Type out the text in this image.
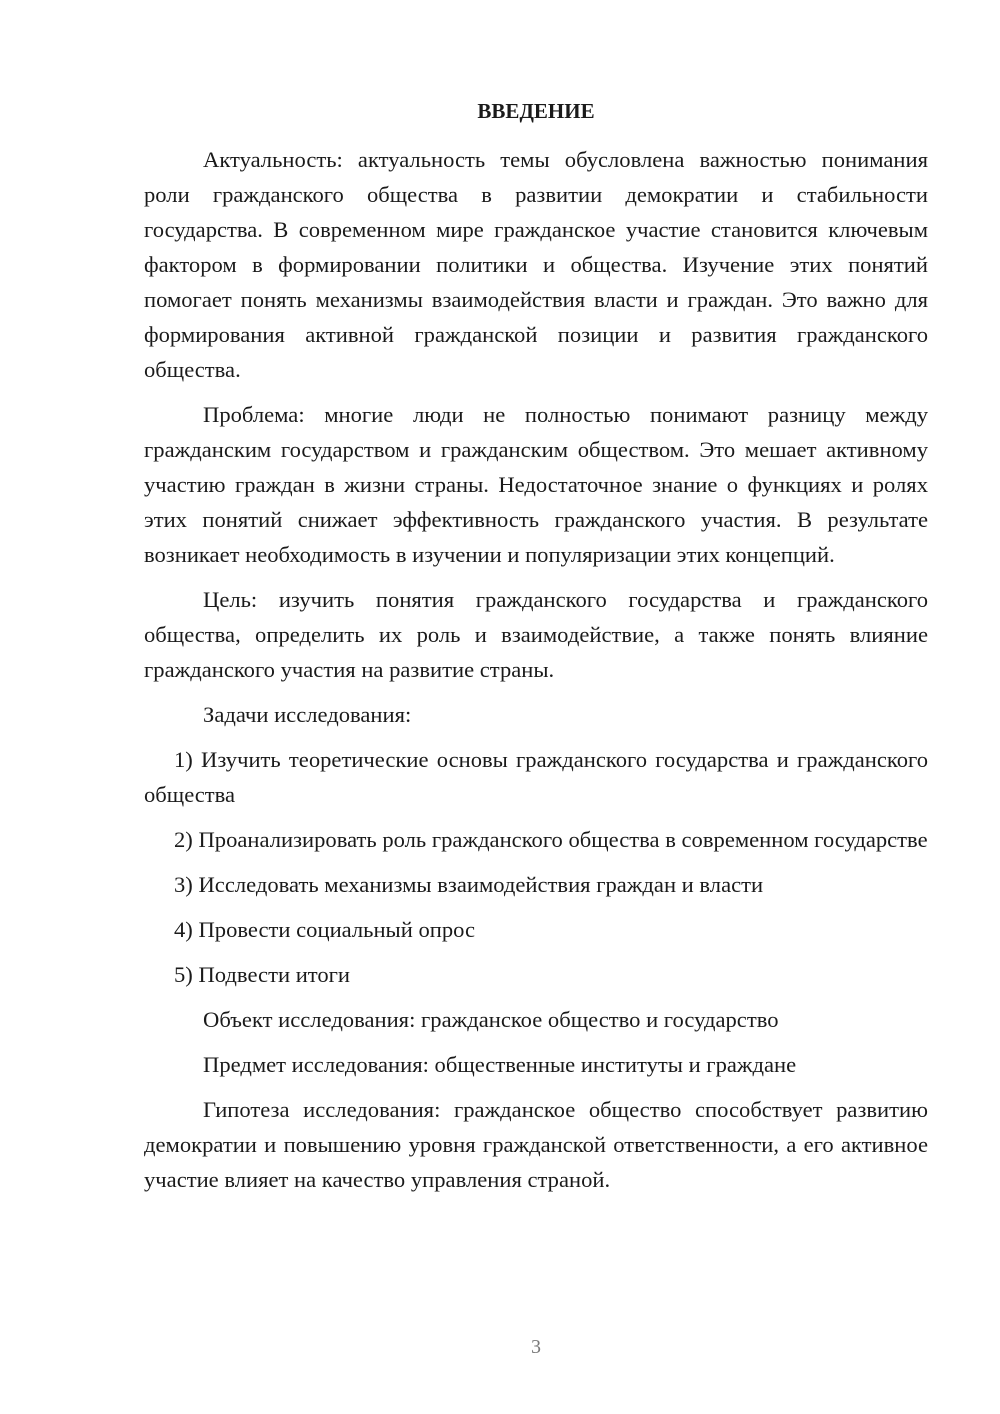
ВВЕДЕНИЕ

Актуальность: актуальность темы обусловлена важностью понимания роли гражданского общества в развитии демократии и стабильности государства. В современном мире гражданское участие становится ключевым фактором в формировании политики и общества. Изучение этих понятий помогает понять механизмы взаимодействия власти и граждан. Это важно для формирования активной гражданской позиции и развития гражданского общества.

Проблема: многие люди не полностью понимают разницу между гражданским государством и гражданским обществом. Это мешает активному участию граждан в жизни страны. Недостаточное знание о функциях и ролях этих понятий снижает эффективность гражданского участия. В результате возникает необходимость в изучении и популяризации этих концепций.

Цель: изучить понятия гражданского государства и гражданского общества, определить их роль и взаимодействие, а также понять влияние гражданского участия на развитие страны.

Задачи исследования:

1) Изучить теоретические основы гражданского государства и гражданского общества

2) Проанализировать роль гражданского общества в современном государстве

3) Исследовать механизмы взаимодействия граждан и власти

4) Провести социальный опрос

5) Подвести итоги

Объект исследования: гражданское общество и государство

Предмет исследования: общественные институты и граждане

Гипотеза исследования: гражданское общество способствует развитию демократии и повышению уровня гражданской ответственности, а его активное участие влияет на качество управления страной.

3
